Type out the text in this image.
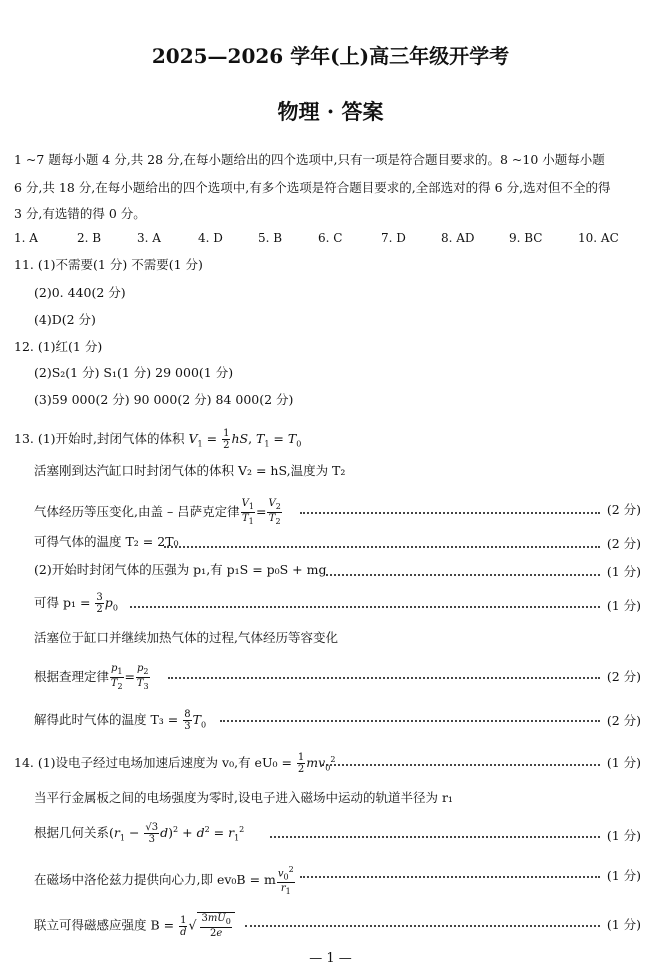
2025—2026 学年(上)高三年级开学考
物理 · 答案
1 ~7 题每小题 4 分,共 28 分,在每小题给出的四个选项中,只有一项是符合题目要求的。8 ~10 小题每小题
6 分,共 18 分,在每小题给出的四个选项中,有多个选项是符合题目要求的,全部选对的得 6 分,选对但不全的得
3 分,有选错的得 0 分。
1. A	2. B	3. A	4. D	5. B	6. C	7. D	8. AD	9. BC	10. AC
11. (1)不需要(1 分) 不需要(1 分)
(2)0. 440(2 分)
(4)D(2 分)
12. (1)红(1 分)
(2)S₂(1 分) S₁(1 分) 29 000(1 分)
(3)59 000(2 分) 90 000(2 分) 84 000(2 分)
13. (1)开始时,封闭气体的体积 $V_1 = \frac{1}{2}$ hS, $T_1 = T_0$
活塞刚到达汽缸口时封闭气体的体积 V₂ = hS,温度为 T₂
气体经历等压变化,由盖 – 吕萨克定律 $\frac{V_1}{T_1} = \frac{V_2}{T_2}$	(2 分)
可得气体的温度 T₂ = 2T₀	(2 分)
(2)开始时封闭气体的压强为 p₁,有 p₁S = p₀S + mg	(1 分)
可得 $p_1 = \frac{3}{2} p_0$	(1 分)
活塞位于缸口并继续加热气体的过程,气体经历等容变化
根据查理定律 $\frac{p_1}{T_2} = \frac{p_2}{T_3}$	(2 分)
解得此时气体的温度 $T_3 = \frac{8}{3} T_0$	(2 分)
14. (1)设电子经过电场加速后速度为 v₀,有 $eU_0 = \frac{1}{2} mv_0^2$	(1 分)
当平行金属板之间的电场强度为零时,设电子进入磁场中运动的轨道半径为 r₁
根据几何关系$(r_1 - \frac{√3}{3} d)^2 + d^2 = r_1^2$	(1 分)
在磁场中洛伦兹力提供向心力,即 ev₀B = m $\frac{v_0^2}{r_1}$	(1 分)
联立可得磁感应强度 $B = \frac{1}{d}$ √ $\frac{3mU_0}{2e}$	(1 分)
— 1 —
